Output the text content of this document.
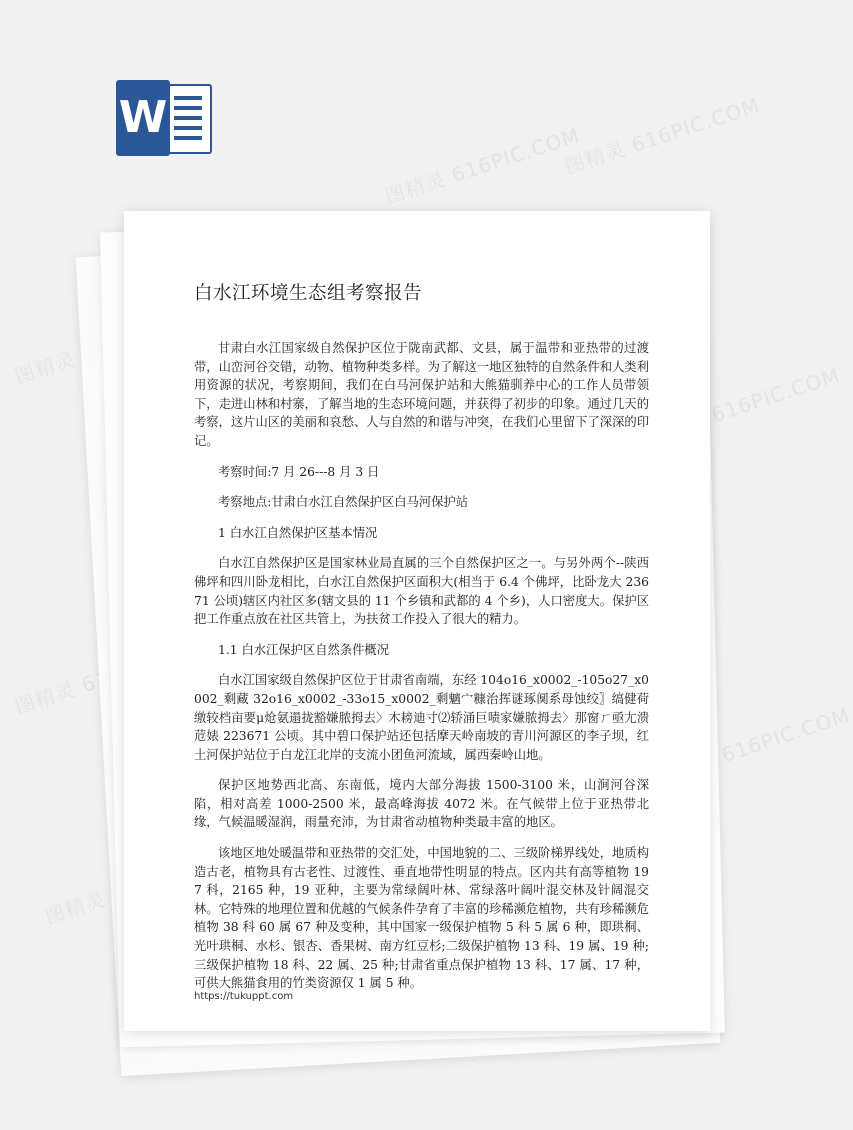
W
图精灵 616PIC.COM
图精灵 616PIC.COM
图精灵	图精灵 616PIC.COM
图精灵
图精灵 616PIC.COM
图精灵
白水江环境生态组考察报告

甘肃白水江国家级自然保护区位于陇南武都、文县，属于温带和亚热带的过渡带，山峦河谷交错，动物、植物种类多样。为了解这一地区独特的自然条件和人类利用资源的状况，考察期间，我们在白马河保护站和大熊猫驯养中心的工作人员带领下，走进山林和村寨，了解当地的生态环境问题，并获得了初步的印象。通过几天的考察，这片山区的美丽和哀愁、人与自然的和谐与冲突，在我们心里留下了深深的印记。

考察时间:7 月 26---8 月 3 日

考察地点:甘肃白水江自然保护区白马河保护站

1 白水江自然保护区基本情况

白水江自然保护区是国家林业局直属的三个自然保护区之一。与另外两个--陕西佛坪和四川卧龙相比，白水江自然保护区面积大(相当于 6.4 个佛坪，比卧龙大 23671 公顷)辖区内社区多(辖文县的 11 个乡镇和武都的 4 个乡)，人口密度大。保护区把工作重点放在社区共管上，为扶贫工作投入了很大的精力。

1.1 白水江保护区自然条件概况

白水江国家级自然保护区位于甘肃省南端，东经 104o16_x0002_-105o27_x0002_剩藏 32o16_x0002_-33o15_x0002_剩魑宀糠治挥谜琢阒系母蚀绞〗缟健荷缴较档亩要μ炝氨遢拢豁嫌脓拇去〉木耪迪寸⑵轿涌巨啧家嫌脓拇去〉那窗ㄏ亟尢溃苊婊 223671 公顷。其中碧口保护站还包括摩天岭南坡的青川河源区的李子坝，红土河保护站位于白龙江北岸的支流小团鱼河流域，属西秦岭山地。

保护区地势西北高、东南低，境内大部分海拔 1500-3100 米，山涧河谷深陷，相对高差 1000-2500 米，最高峰海拔 4072 米。在气候带上位于亚热带北缘，气候温暖湿润，雨量充沛，为甘肃省动植物种类最丰富的地区。

该地区地处暖温带和亚热带的交汇处，中国地貌的二、三级阶梯界线处，地质构造古老，植物具有古老性、过渡性、垂直地带性明显的特点。区内共有高等植物 197 科，2165 种，19 亚种，主要为常绿阔叶林、常绿落叶阔叶混交林及针阔混交林。它特殊的地理位置和优越的气候条件孕育了丰富的珍稀濒危植物，共有珍稀濒危植物 38 科 60 属 67 种及变种，其中国家一级保护植物 5 科 5 属 6 种，即珙桐、光叶珙桐、水杉、银杏、香果树、南方红豆杉;二级保护植物 13 科、19 属、19 种;三级保护植物 18 科、22 属、25 种;甘肃省重点保护植物 13 科、17 属、17 种，可供大熊猫食用的竹类资源仅 1 属 5 种。

https://tukuppt.com
